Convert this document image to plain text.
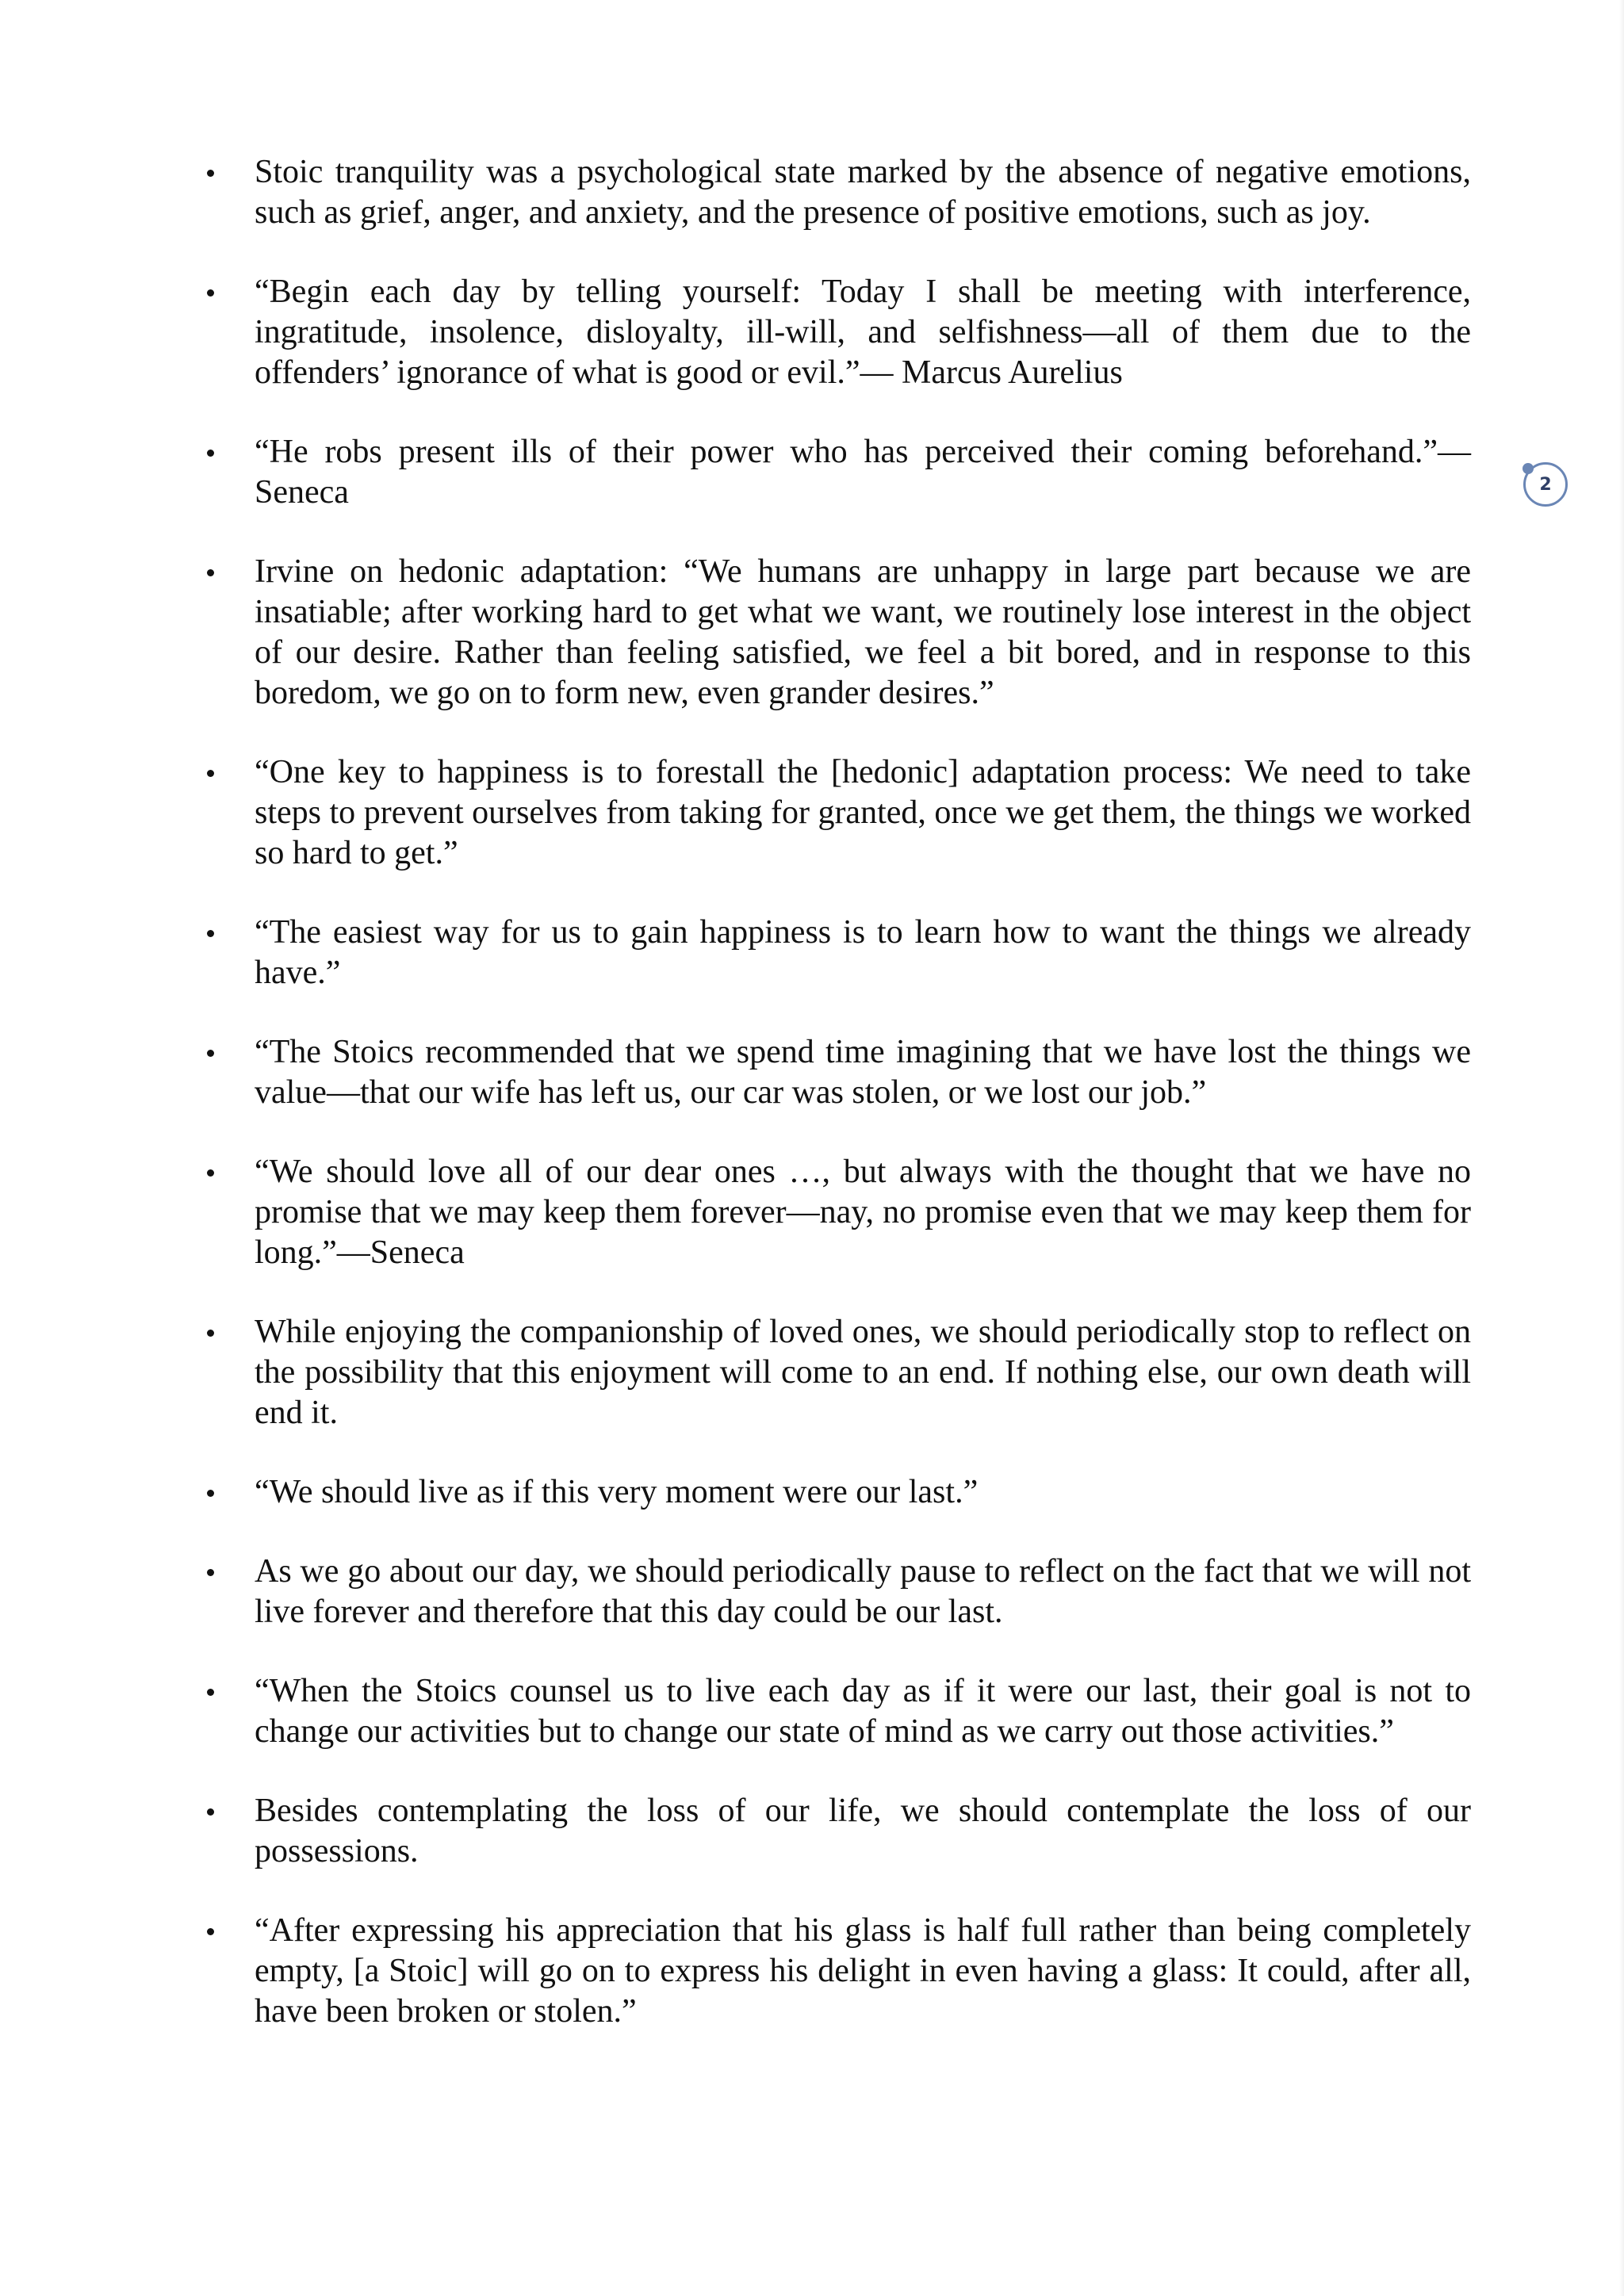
Stoic tranquility was a psychological state marked by the absence of negative emotions, such as grief, anger, and anxiety, and the presence of positive emotions, such as joy.
“Begin each day by telling yourself: Today I shall be meeting with interference, ingratitude, insolence, disloyalty, ill-will, and selfishness—all of them due to the offenders’ ignorance of what is good or evil.”— Marcus Aurelius
“He robs present ills of their power who has perceived their coming beforehand.”— Seneca
Irvine on hedonic adaptation: “We humans are unhappy in large part because we are insatiable; after working hard to get what we want, we routinely lose interest in the object of our desire. Rather than feeling satisfied, we feel a bit bored, and in response to this boredom, we go on to form new, even grander desires.”
“One key to happiness is to forestall the [hedonic] adaptation process: We need to take steps to prevent ourselves from taking for granted, once we get them, the things we worked so hard to get.”
“The easiest way for us to gain happiness is to learn how to want the things we already have.”
“The Stoics recommended that we spend time imagining that we have lost the things we value—that our wife has left us, our car was stolen, or we lost our job.”
“We should love all of our dear ones …, but always with the thought that we have no promise that we may keep them forever—nay, no promise even that we may keep them for long.”—Seneca
While enjoying the companionship of loved ones, we should periodically stop to reflect on the possibility that this enjoyment will come to an end. If nothing else, our own death will end it.
“We should live as if this very moment were our last.”
As we go about our day, we should periodically pause to reflect on the fact that we will not live forever and therefore that this day could be our last.
“When the Stoics counsel us to live each day as if it were our last, their goal is not to change our activities but to change our state of mind as we carry out those activities.”
Besides contemplating the loss of our life, we should contemplate the loss of our possessions.
“After expressing his appreciation that his glass is half full rather than being completely empty, [a Stoic] will go on to express his delight in even having a glass: It could, after all, have been broken or stolen.”
2
